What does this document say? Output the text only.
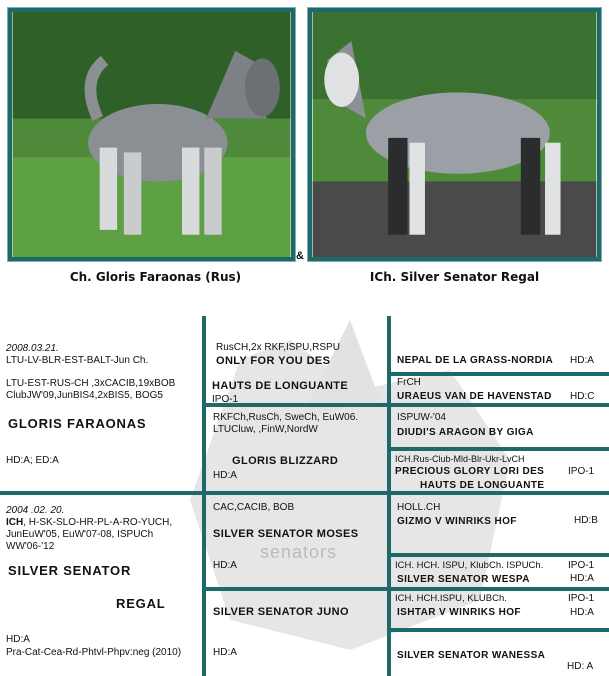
&
Ch. Gloris Faraonas (Rus)	ICh. Silver Senator Regal
senators
2008.03.21.
LTU-LV-BLR-EST-BALT-Jun Ch.
LTU-EST-RUS-CH ,3xCACIB,19xBOB
ClubJW'09,JunBIS4,2xBIS5, BOG5
GLORIS FARAONAS
HD:A; ED:A
RusCH,2x RKF,ISPU,RSPU
ONLY FOR YOU DES
HAUTS DE LONGUANTE
IPO-1
RKFCh,RusCh, SweCh, EuW06.
LTUCluw, ,FinW,NordW
GLORIS BLIZZARD
HD:A
NEPAL DE LA GRASS-NORDIA HD:A
FrCH
URAEUS VAN DE HAVENSTAD HD:C
ISPUW-'04
DIUDI'S ARAGON BY GIGA
ICH.Rus-Club-Mld-Blr-Ukr-LvCH
PRECIOUS GLORY LORI DES
HAUTS DE LONGUANTE
IPO-1
2004 .02. 20.
ICH, H-SK-SLO-HR-PL-A-RO-YUCH,
JunEuW'05, EuW'07-08, ISPUCh
WW'06-'12
SILVER SENATOR
REGAL
HD:A
Pra-Cat-Cea-Rd-Phtvl-Phpv:neg (2010)
CAC,CACIB, BOB
SILVER SENATOR MOSES
HD:A
SILVER SENATOR JUNO
HD:A
HOLL.CH
GIZMO V WINRIKS HOF	HD:B
ICH. HCH. ISPU, KlubCh. ISPUCh. IPO-1
SILVER SENATOR WESPA	HD:A
ICH. HCH.ISPU, KLUBCh.	IPO-1
ISHTAR V WINRIKS HOF	HD:A
SILVER SENATOR WANESSA
HD: A
